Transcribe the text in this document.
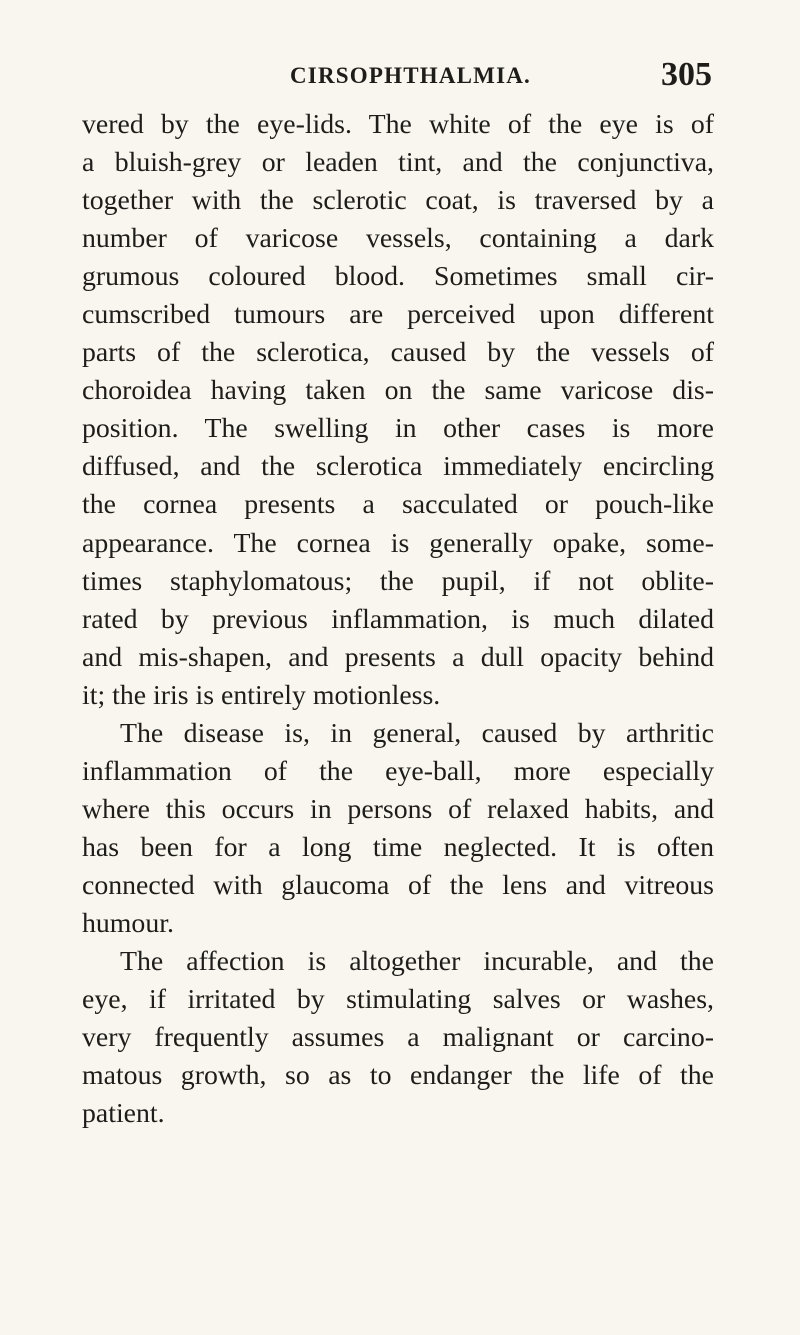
CIRSOPHTHALMIA.	305
vered by the eye-lids. The white of the eye is of
a bluish-grey or leaden tint, and the conjunctiva,
together with the sclerotic coat, is traversed by a
number of varicose vessels, containing a dark
grumous coloured blood. Sometimes small cir-
cumscribed tumours are perceived upon different
parts of the sclerotica, caused by the vessels of
choroidea having taken on the same varicose dis-
position. The swelling in other cases is more
diffused, and the sclerotica immediately encircling
the cornea presents a sacculated or pouch-like
appearance. The cornea is generally opake, some-
times staphylomatous; the pupil, if not oblite-
rated by previous inflammation, is much dilated
and mis-shapen, and presents a dull opacity behind
it; the iris is entirely motionless.
The disease is, in general, caused by arthritic
inflammation of the eye-ball, more especially
where this occurs in persons of relaxed habits, and
has been for a long time neglected. It is often
connected with glaucoma of the lens and vitreous
humour.
The affection is altogether incurable, and the
eye, if irritated by stimulating salves or washes,
very frequently assumes a malignant or carcino-
matous growth, so as to endanger the life of the
patient.
